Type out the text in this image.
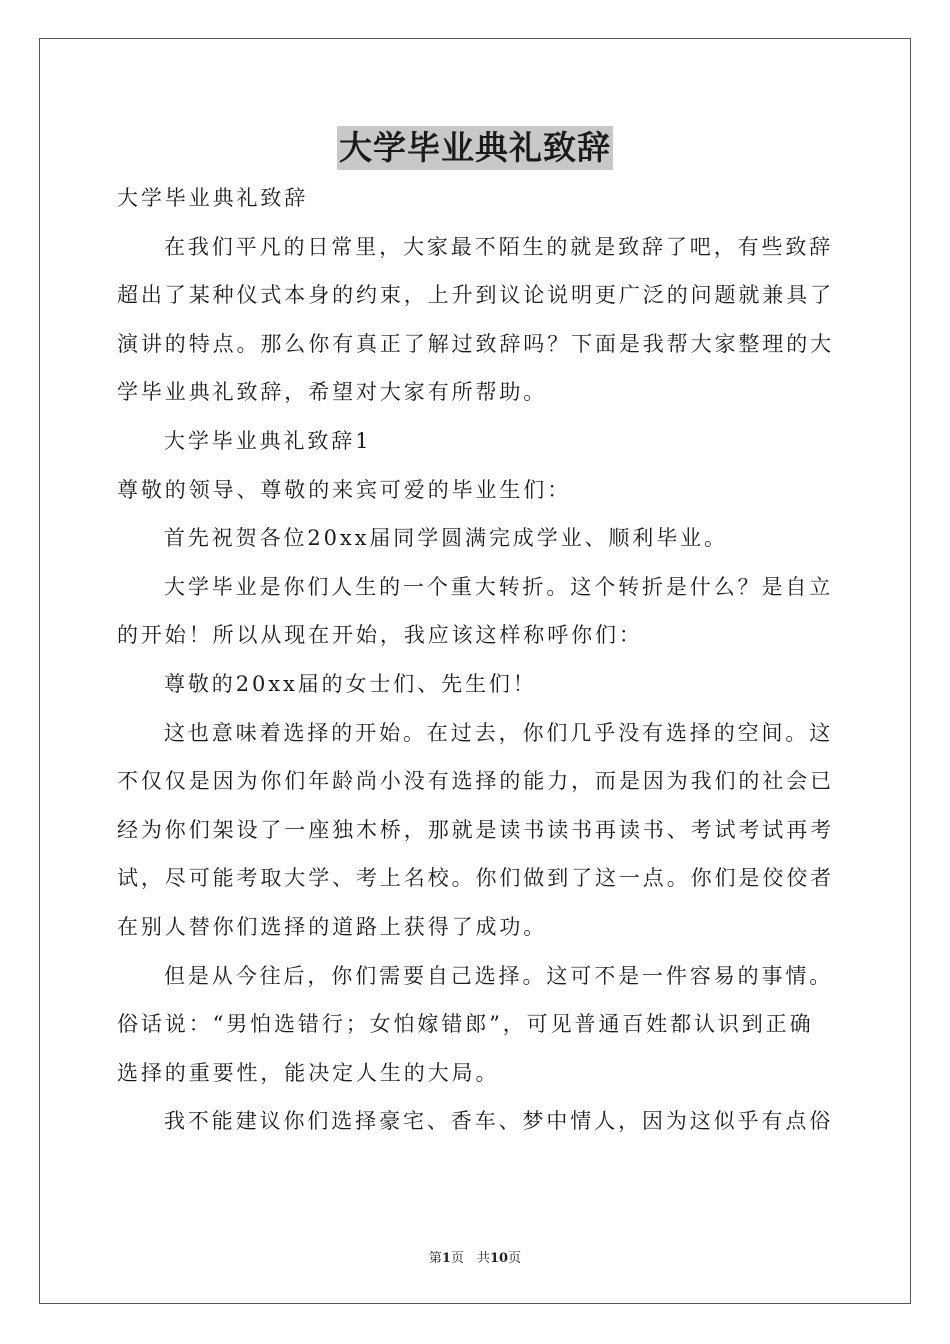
大学毕业典礼致辞
大学毕业典礼致辞
在我们平凡的日常里，大家最不陌生的就是致辞了吧，有些致辞
超出了某种仪式本身的约束，上升到议论说明更广泛的问题就兼具了
演讲的特点。那么你有真正了解过致辞吗？下面是我帮大家整理的大
学毕业典礼致辞，希望对大家有所帮助。
大学毕业典礼致辞1
尊敬的领导、尊敬的来宾可爱的毕业生们：
首先祝贺各位20xx届同学圆满完成学业、顺利毕业。
大学毕业是你们人生的一个重大转折。这个转折是什么？是自立
的开始！所以从现在开始，我应该这样称呼你们：
尊敬的20xx届的女士们、先生们！
这也意味着选择的开始。在过去，你们几乎没有选择的空间。这
不仅仅是因为你们年龄尚小没有选择的能力，而是因为我们的社会已
经为你们架设了一座独木桥，那就是读书读书再读书、考试考试再考
试，尽可能考取大学、考上名校。你们做到了这一点。你们是佼佼者
在别人替你们选择的道路上获得了成功。
但是从今往后，你们需要自己选择。这可不是一件容易的事情。
俗话说：“男怕选错行；女怕嫁错郎”，可见普通百姓都认识到正确
选择的重要性，能决定人生的大局。
我不能建议你们选择豪宅、香车、梦中情人，因为这似乎有点俗
第1页　共10页
